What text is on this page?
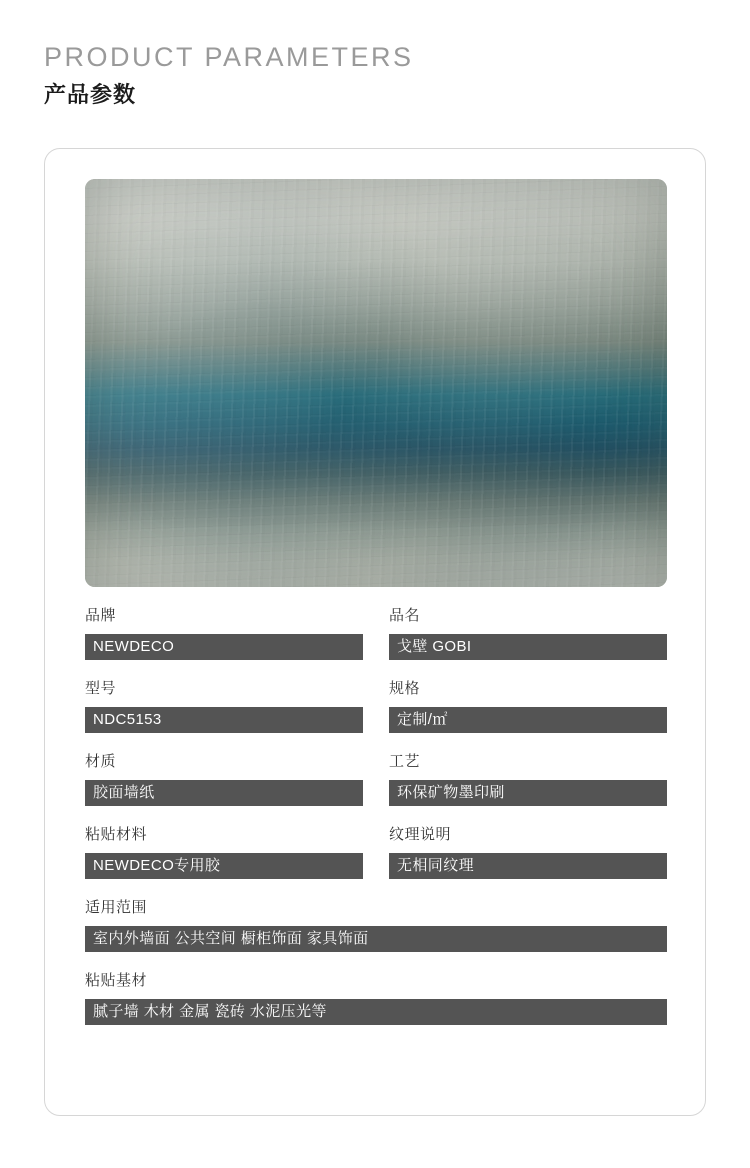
PRODUCT PARAMETERS
产品参数
品牌
NEWDECO
品名
戈壁 GOBI
型号
NDC5153
规格
定制/㎡
材质
胶面墙纸
工艺
环保矿物墨印刷
粘贴材料
NEWDECO专用胶
纹理说明
无相同纹理
适用范围
室内外墙面 公共空间 橱柜饰面 家具饰面
粘贴基材
腻子墙 木材 金属 瓷砖 水泥压光等
